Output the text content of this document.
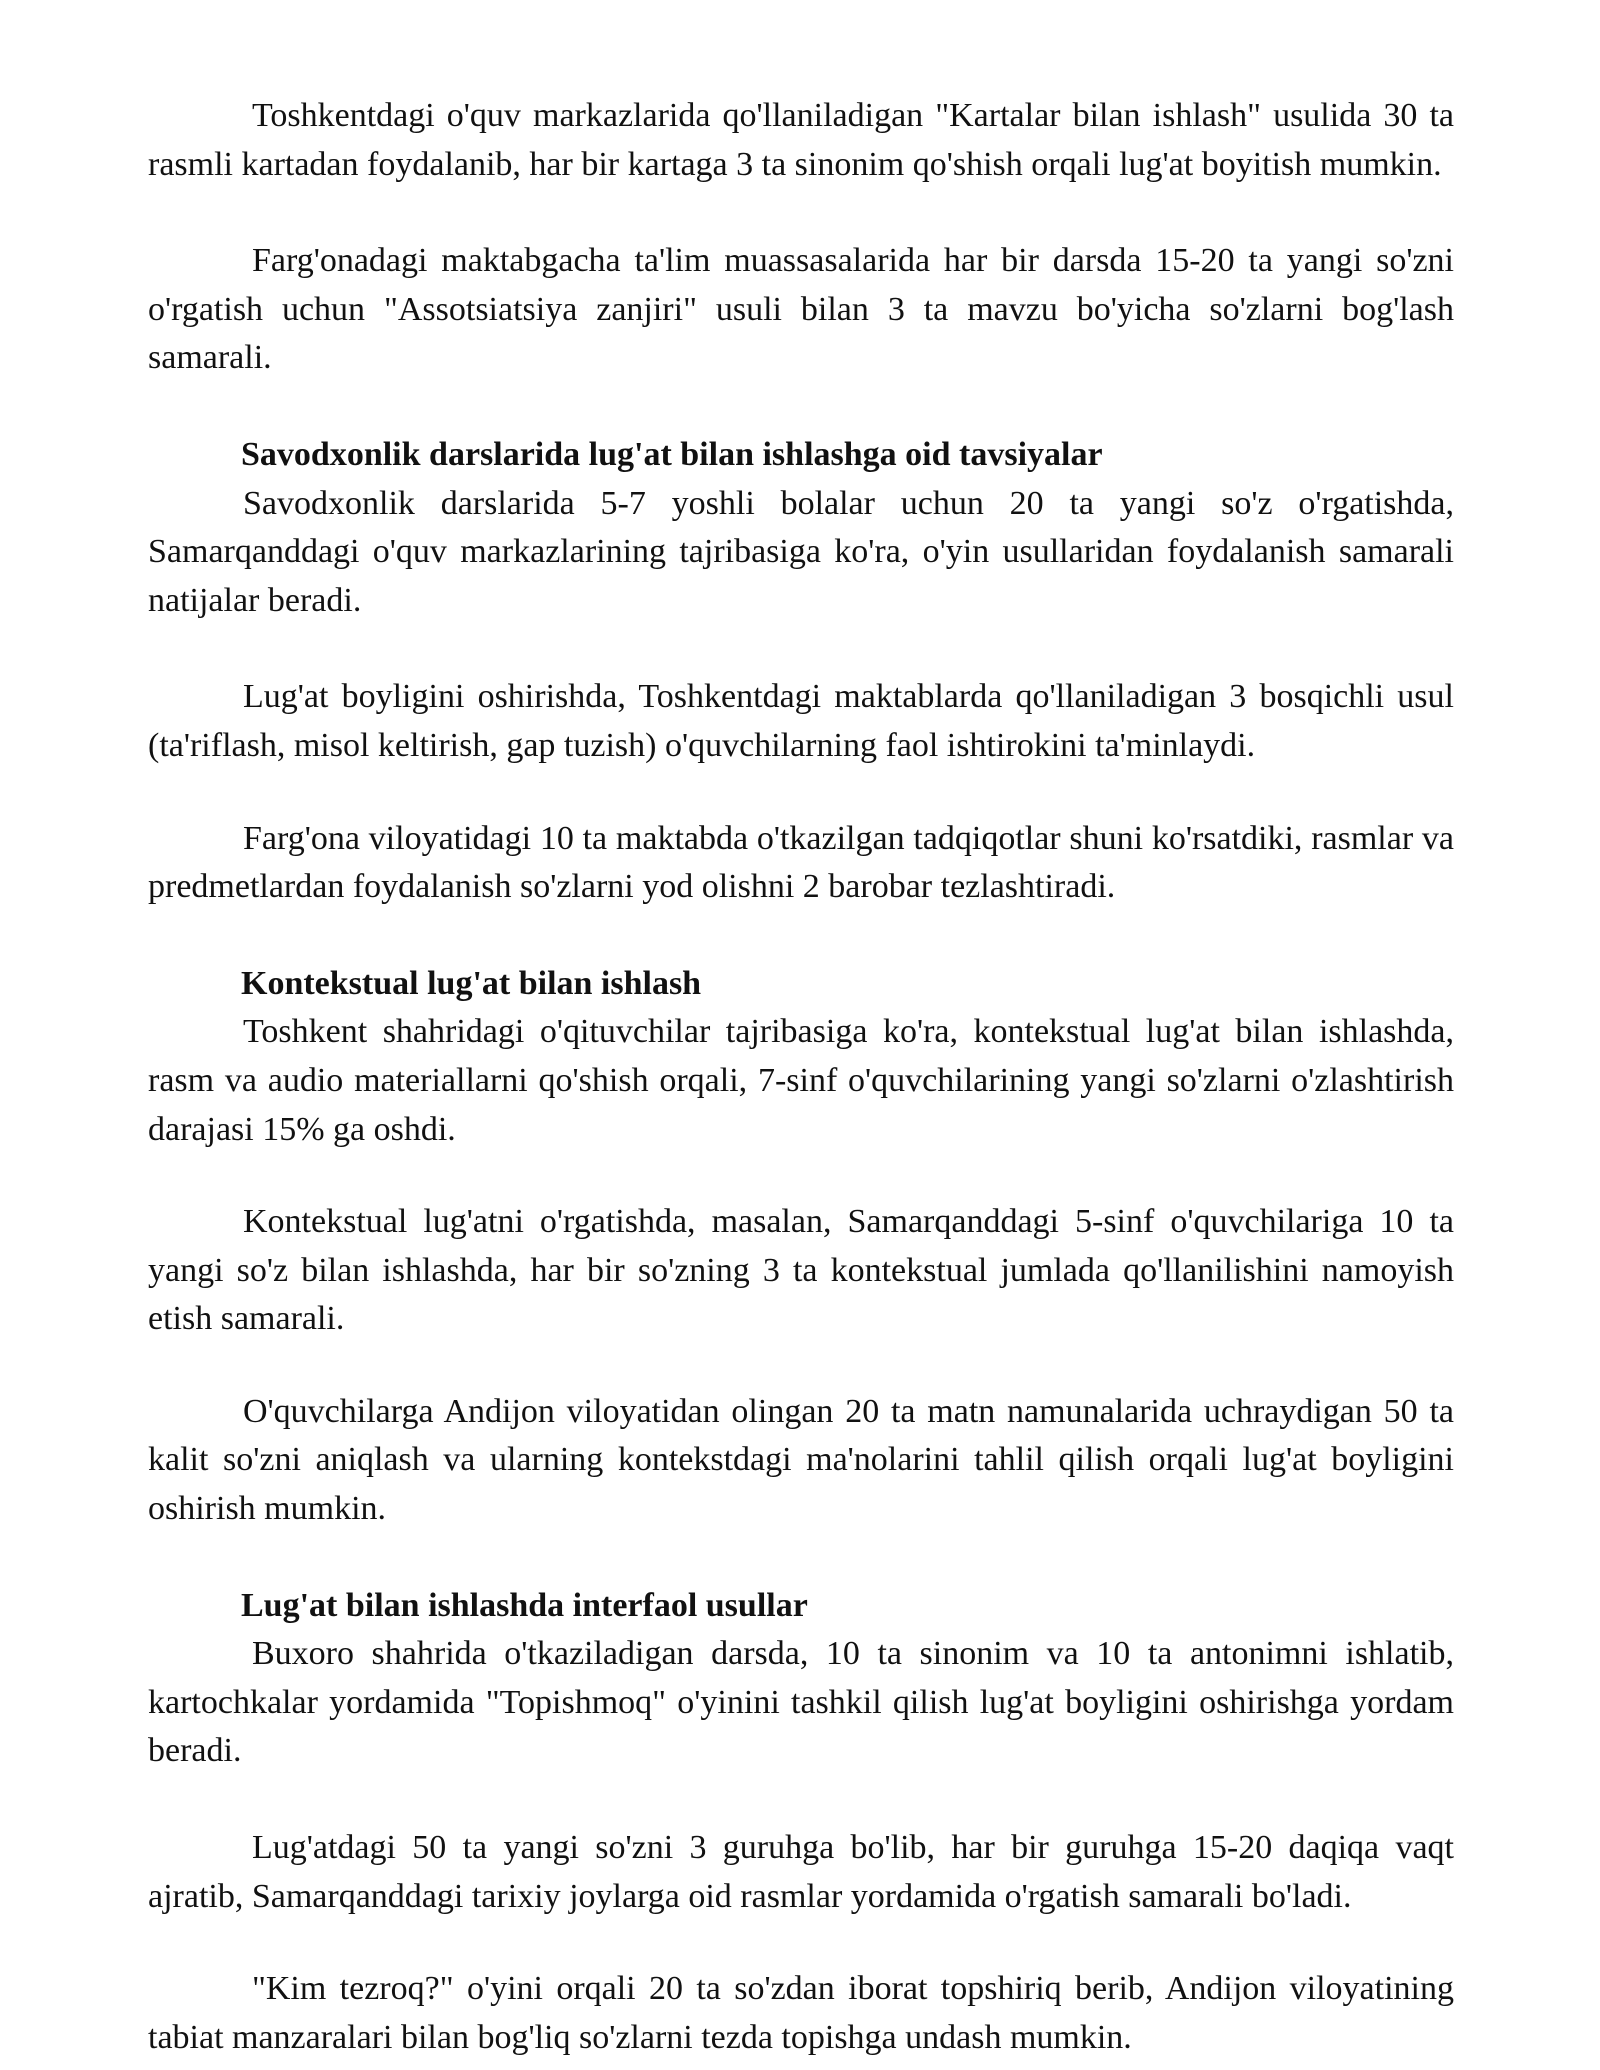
Toshkentdagi o'quv markazlarida qo'llaniladigan "Kartalar bilan ishlash" usulida 30 ta rasmli kartadan foydalanib, har bir kartaga 3 ta sinonim qo'shish orqali lug'at boyitish mumkin.

Farg'onadagi maktabgacha ta'lim muassasalarida har bir darsda 15-20 ta yangi so'zni o'rgatish uchun "Assotsiatsiya zanjiri" usuli bilan 3 ta mavzu bo'yicha so'zlarni bog'lash samarali.

Savodxonlik darslarida lug'at bilan ishlashga oid tavsiyalar

Savodxonlik darslarida 5-7 yoshli bolalar uchun 20 ta yangi so'z o'rgatishda, Samarqanddagi o'quv markazlarining tajribasiga ko'ra, o'yin usullaridan foydalanish samarali natijalar beradi.

Lug'at boyligini oshirishda, Toshkentdagi maktablarda qo'llaniladigan 3 bosqichli usul (ta'riflash, misol keltirish, gap tuzish) o'quvchilarning faol ishtirokini ta'minlaydi.

Farg'ona viloyatidagi 10 ta maktabda o'tkazilgan tadqiqotlar shuni ko'rsatdiki, rasmlar va predmetlardan foydalanish so'zlarni yod olishni 2 barobar tezlashtiradi.

Kontekstual lug'at bilan ishlash

Toshkent shahridagi o'qituvchilar tajribasiga ko'ra, kontekstual lug'at bilan ishlashda, rasm va audio materiallarni qo'shish orqali, 7-sinf o'quvchilarining yangi so'zlarni o'zlashtirish darajasi 15% ga oshdi.

Kontekstual lug'atni o'rgatishda, masalan, Samarqanddagi 5-sinf o'quvchilariga 10 ta yangi so'z bilan ishlashda, har bir so'zning 3 ta kontekstual jumlada qo'llanilishini namoyish etish samarali.

O'quvchilarga Andijon viloyatidan olingan 20 ta matn namunalarida uchraydigan 50 ta kalit so'zni aniqlash va ularning kontekstdagi ma'nolarini tahlil qilish orqali lug'at boyligini oshirish mumkin.

Lug'at bilan ishlashda interfaol usullar

Buxoro shahrida o'tkaziladigan darsda, 10 ta sinonim va 10 ta antonimni ishlatib, kartochkalar yordamida "Topishmoq" o'yinini tashkil qilish lug'at boyligini oshirishga yordam beradi.

Lug'atdagi 50 ta yangi so'zni 3 guruhga bo'lib, har bir guruhga 15-20 daqiqa vaqt ajratib, Samarqanddagi tarixiy joylarga oid rasmlar yordamida o'rgatish samarali bo'ladi.

"Kim tezroq?" o'yini orqali 20 ta so'zdan iborat topshiriq berib, Andijon viloyatining tabiat manzaralari bilan bog'liq so'zlarni tezda topishga undash mumkin.
